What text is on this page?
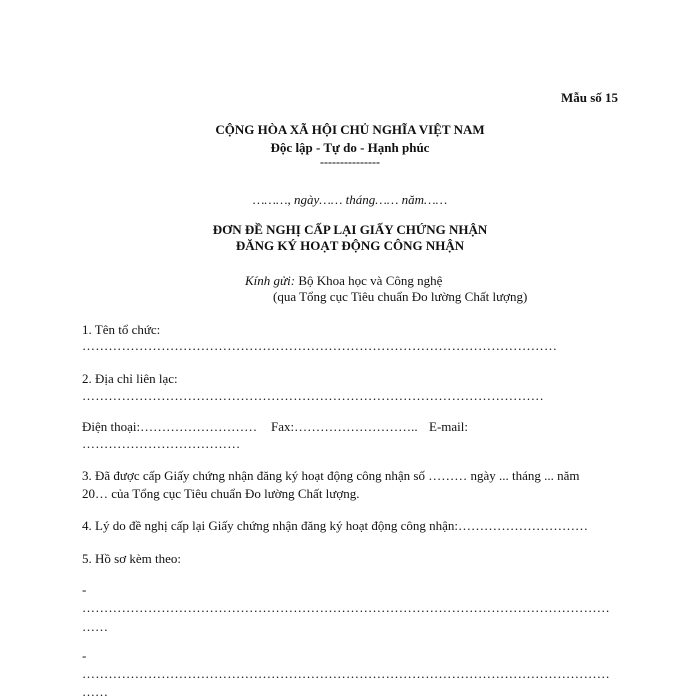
Mẫu số 15
CỘNG HÒA XÃ HỘI CHỦ NGHĨA VIỆT NAM
Độc lập - Tự do - Hạnh phúc
---------------
………, ngày…… tháng…… năm……
ĐƠN ĐỀ NGHỊ CẤP LẠI GIẤY CHỨNG NHẬN
ĐĂNG KÝ HOẠT ĐỘNG CÔNG NHẬN
Kính gửi: Bộ Khoa học và Công nghệ
(qua Tổng cục Tiêu chuẩn Đo lường Chất lượng)
1. Tên tổ chức:
………………………………………………………………………………………………
2. Địa chỉ liên lạc:
……………………………………………………………………………………………
Điện thoại:……………………… Fax:……………………….. E-mail:
………………………………
3. Đã được cấp Giấy chứng nhận đăng ký hoạt động công nhận số ……… ngày ... tháng ... năm
20… của Tổng cục Tiêu chuẩn Đo lường Chất lượng.
4. Lý do đề nghị cấp lại Giấy chứng nhận đăng ký hoạt động công nhận:…………………………
5. Hồ sơ kèm theo:
-
…………………………………………………………………………………………………………
……
-
…………………………………………………………………………………………………………
……
